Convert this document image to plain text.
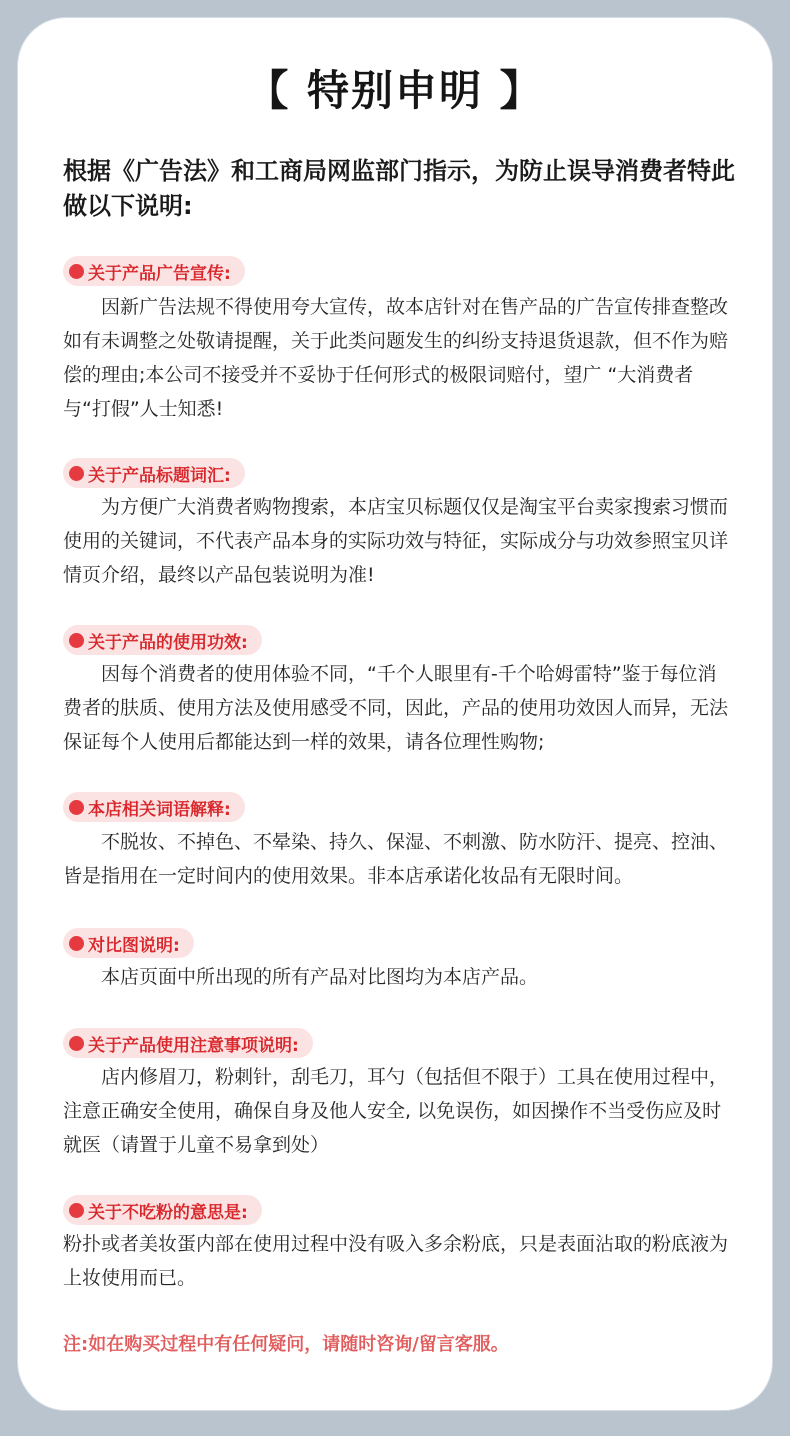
【 特别申明 】
根据《广告法》和工商局网监部门指示，为防止误导消费者特此做以下说明:
关于产品广告宣传:
　　因新广告法规不得使用夸大宣传，故本店针对在售产品的广告宣传排查整改如有未调整之处敬请提醒，关于此类问题发生的纠纷支持退货退款，但不作为赔偿的理由;本公司不接受并不妥协于任何形式的极限词赔付，望广 “大消费者与“打假”人士知悉!
关于产品标题词汇:
　　为方便广大消费者购物搜索，本店宝贝标题仅仅是淘宝平台卖家搜索习惯而使用的关键词，不代表产品本身的实际功效与特征，实际成分与功效参照宝贝详情页介绍，最终以产品包装说明为准!
关于产品的使用功效:
　　因每个消费者的使用体验不同，“千个人眼里有-千个哈姆雷特”鉴于每位消费者的肤质、使用方法及使用感受不同，因此，产品的使用功效因人而异，无法保证每个人使用后都能达到一样的效果，请各位理性购物;
本店相关词语解释:
　　不脱妆、不掉色、不晕染、持久、保湿、不刺激、防水防汗、提亮、控油、皆是指用在一定时间内的使用效果。非本店承诺化妆品有无限时间。
对比图说明:
　　本店页面中所出现的所有产品对比图均为本店产品。
关于产品使用注意事项说明:
　　店内修眉刀，粉刺针，刮毛刀，耳勺（包括但不限于）工具在使用过程中，注意正确安全使用，确保自身及他人安全, 以免误伤，如因操作不当受伤应及时就医（请置于儿童不易拿到处）
关于不吃粉的意思是:
粉扑或者美妆蛋内部在使用过程中没有吸入多余粉底，只是表面沾取的粉底液为上妆使用而已。
注:如在购买过程中有任何疑问，请随时咨询/留言客服。
